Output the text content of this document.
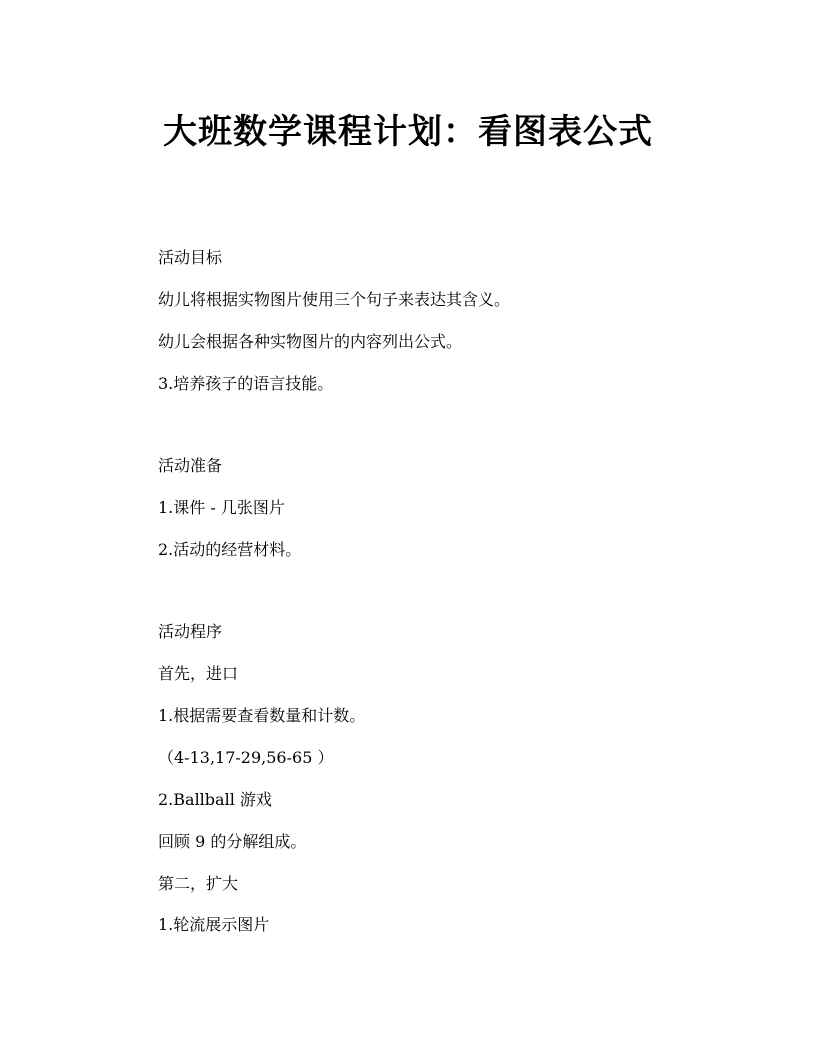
大班数学课程计划：看图表公式
活动目标
幼儿将根据实物图片使用三个句子来表达其含义。
幼儿会根据各种实物图片的内容列出公式。
3.培养孩子的语言技能。
活动准备
1.课件 - 几张图片
2.活动的经营材料。
活动程序
首先，进口
1.根据需要查看数量和计数。
（4-13,17-29,56-65 ）
2.Ballball 游戏
回顾 9 的分解组成。
第二，扩大
1.轮流展示图片
